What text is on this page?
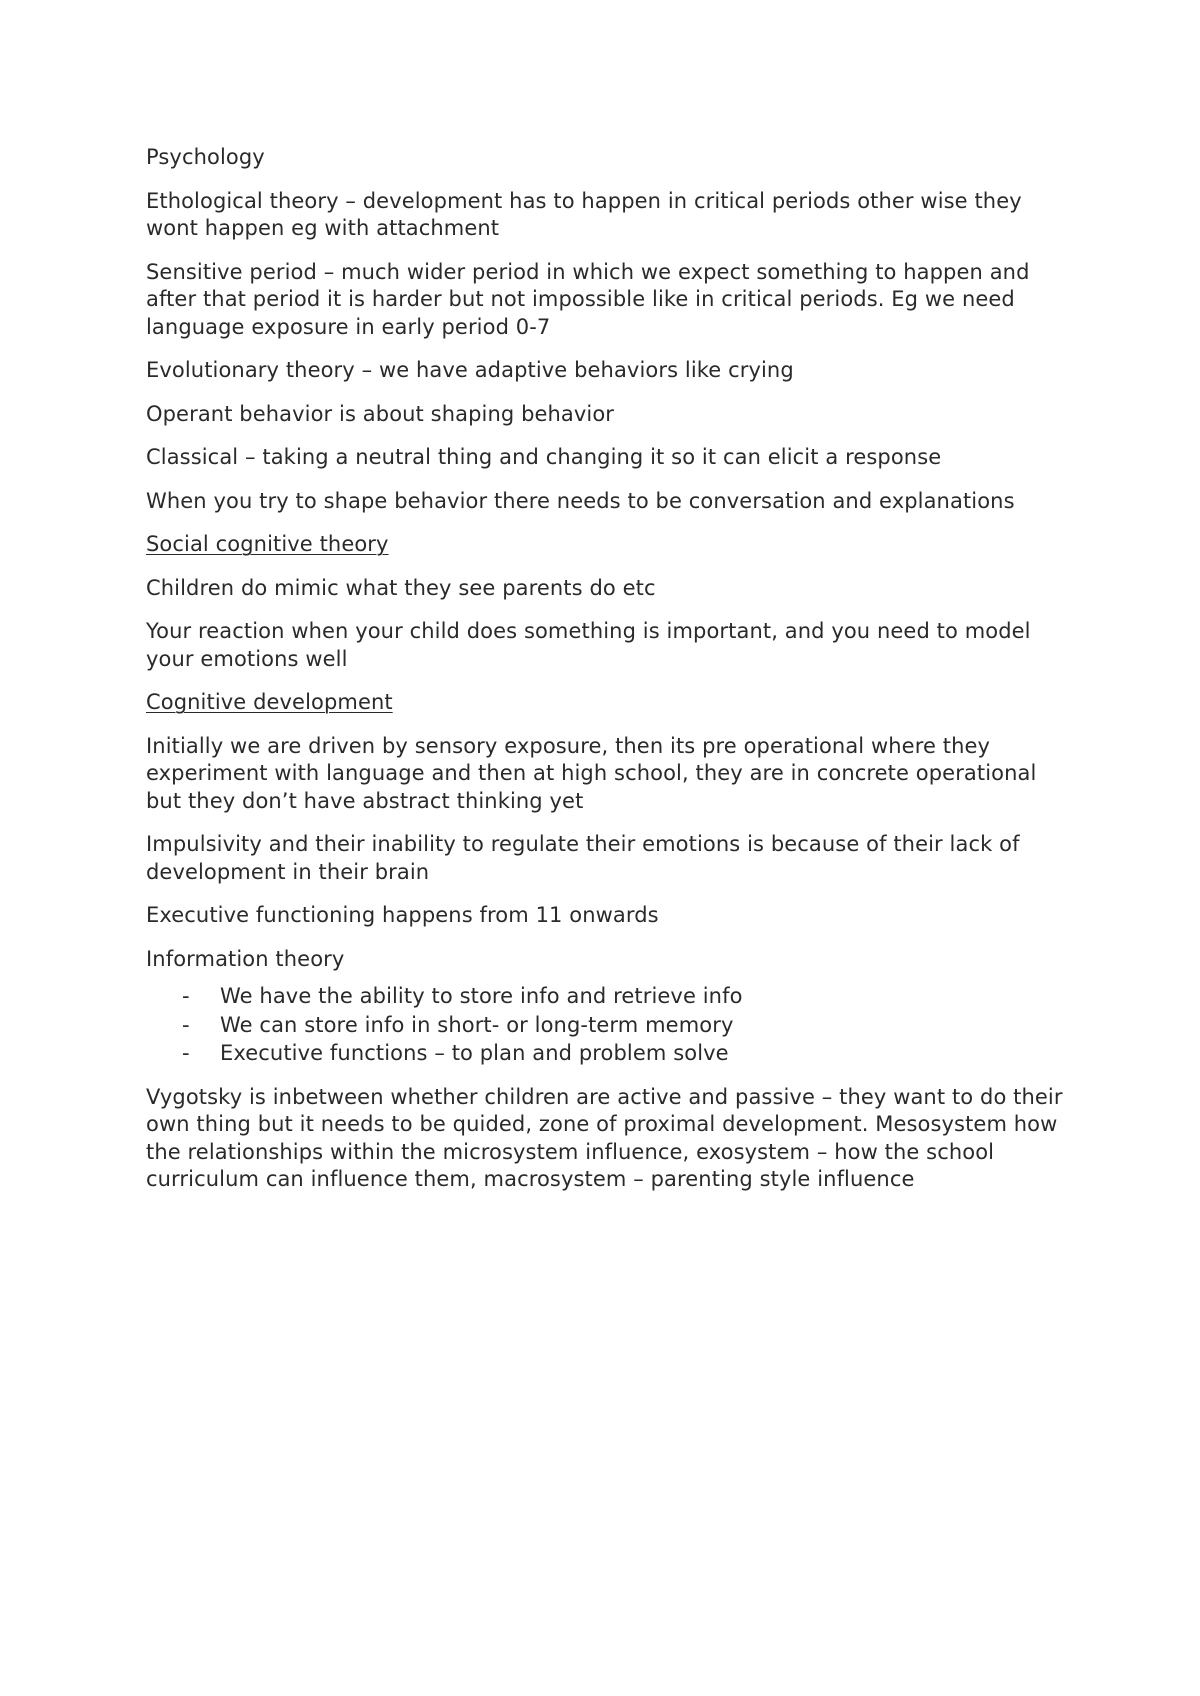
Psychology

Ethological theory – development has to happen in critical periods other wise they wont happen eg with attachment

Sensitive period – much wider period in which we expect something to happen and after that period it is harder but not impossible like in critical periods. Eg we need language exposure in early period 0-7

Evolutionary theory – we have adaptive behaviors like crying

Operant behavior is about shaping behavior

Classical – taking a neutral thing and changing it so it can elicit a response

When you try to shape behavior there needs to be conversation and explanations

Social cognitive theory

Children do mimic what they see parents do etc

Your reaction when your child does something is important, and you need to model your emotions well

Cognitive development

Initially we are driven by sensory exposure, then its pre operational where they experiment with language and then at high school, they are in concrete operational but they don’t have abstract thinking yet

Impulsivity and their inability to regulate their emotions is because of their lack of development in their brain

Executive functioning happens from 11 onwards

Information theory

-	We have the ability to store info and retrieve info
-	We can store info in short- or long-term memory
-	Executive functions – to plan and problem solve

Vygotsky is inbetween whether children are active and passive – they want to do their own thing but it needs to be quided, zone of proximal development. Mesosystem how the relationships within the microsystem influence, exosystem – how the school curriculum can influence them, macrosystem – parenting style influence
